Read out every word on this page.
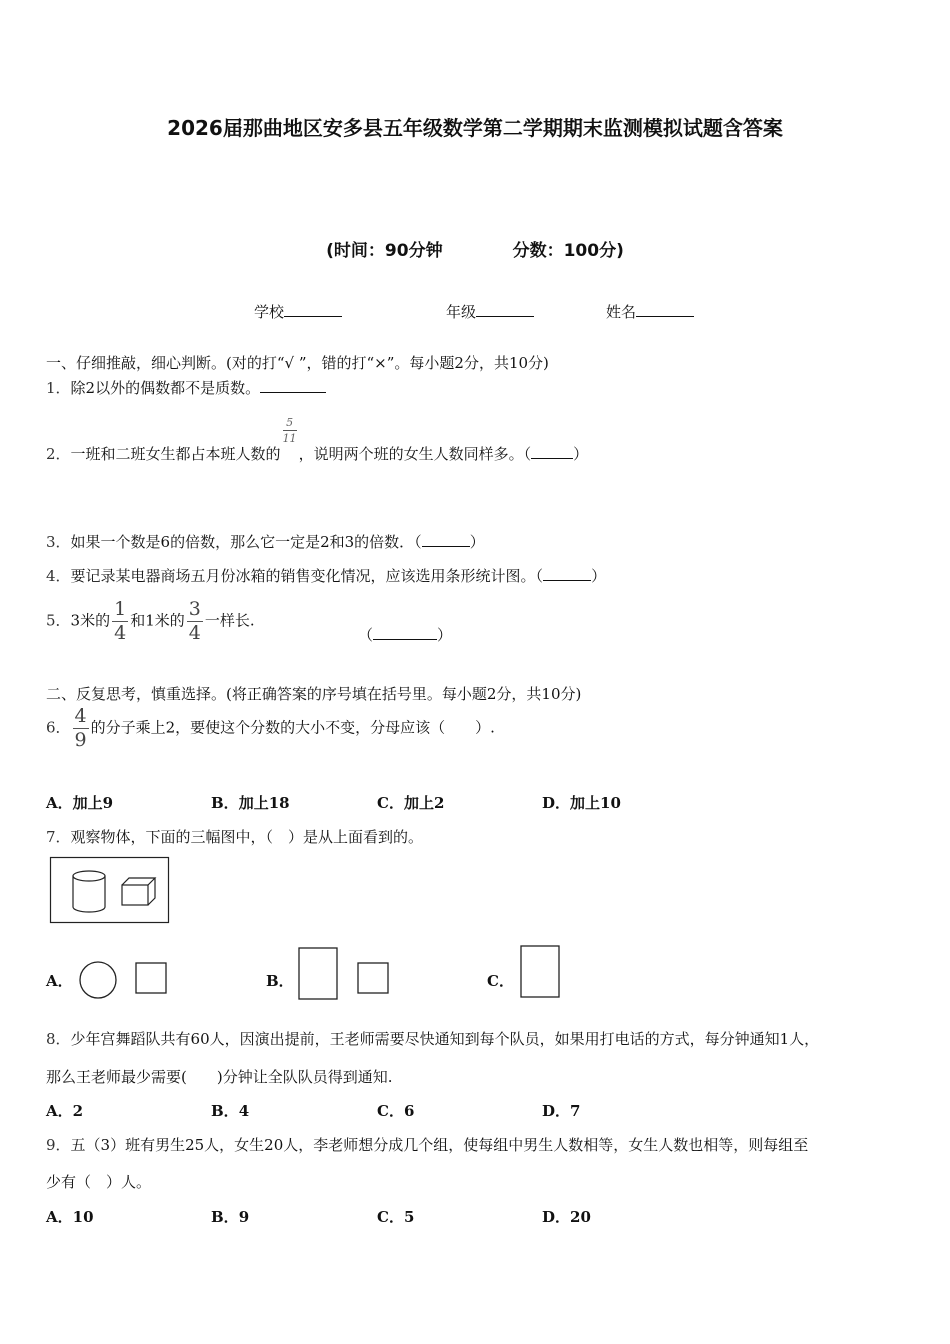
2026届那曲地区安多县五年级数学第二学期期末监测模拟试题含答案
(时间：90分钟	分数：100分)
学校	年级	姓名
一、仔细推敲，细心判断。(对的打“√ ”，错的打“×”。每小题2分，共10分)
1．除2以外的偶数都不是质数。
2．一班和二班女生都占本班人数的
$\frac{5}{11}$
，说明两个班的女生人数同样多。（	）
3．如果一个数是6的倍数，那么它一定是2和3的倍数．（	）
4．要记录某电器商场五月份冰箱的销售变化情况，应该选用条形统计图。（	）
5．3米的 $\frac{1}{4}$ 和1米的 $\frac{3}{4}$ 一样长.
（	）
二、反复思考，慎重选择。(将正确答案的序号填在括号里。每小题2分，共10分)
6． $\frac{4}{9}$ 的分子乘上2，要使这个分数的大小不变，分母应该（　　）.
A．加上9	B．加上18	C．加上2	D．加上10
7．观察物体，下面的三幅图中，（　）是从上面看到的。
A．	B．	C．
8．少年宫舞蹈队共有60人，因演出提前，王老师需要尽快通知到每个队员，如果用打电话的方式，每分钟通知1人，
那么王老师最少需要(　　)分钟让全队队员得到通知.
A．2	B．4	C．6	D．7
9．五（3）班有男生25人，女生20人，李老师想分成几个组，使每组中男生人数相等，女生人数也相等，则每组至
少有（　）人。
A．10	B．9	C．5	D．20
